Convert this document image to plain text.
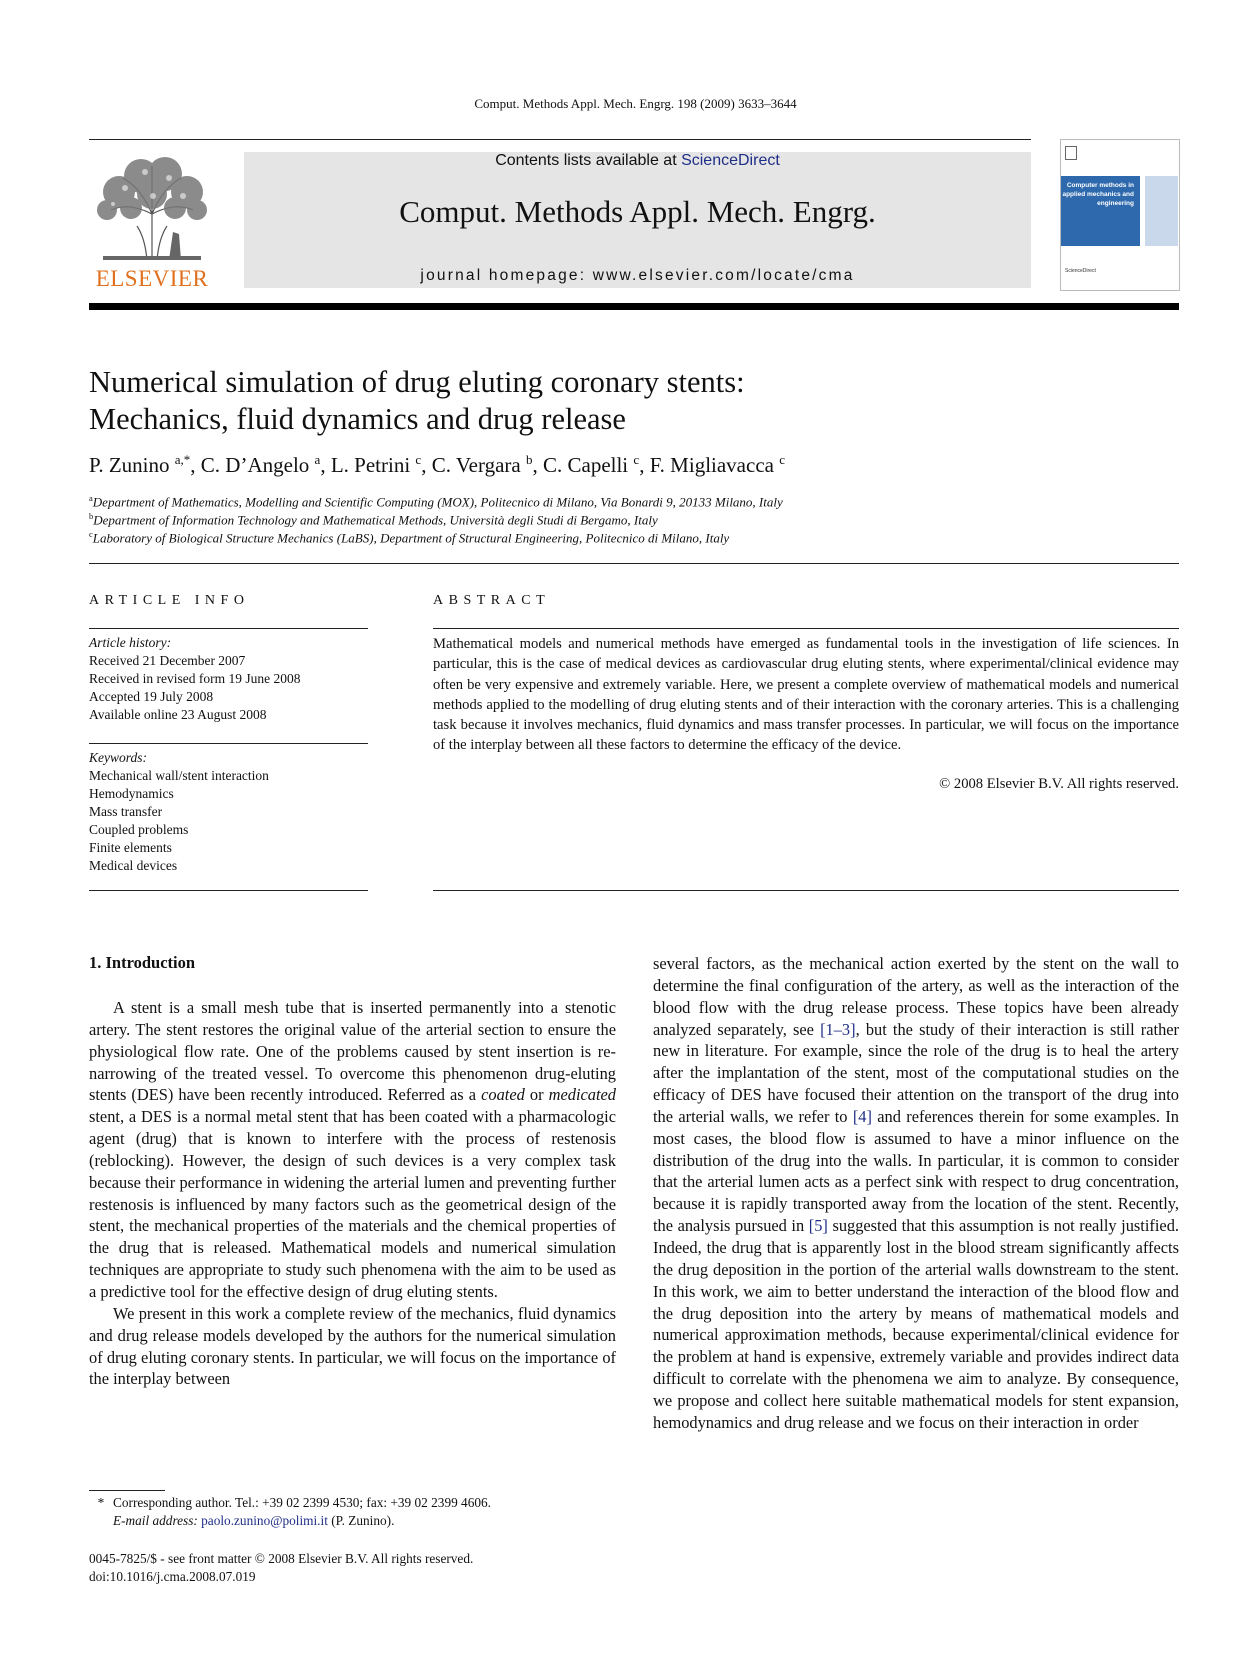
Comput. Methods Appl. Mech. Engrg. 198 (2009) 3633–3644
ELSEVIER
Contents lists available at ScienceDirect
Comput. Methods Appl. Mech. Engrg.
journal homepage: www.elsevier.com/locate/cma
Computer methods in applied mechanics and engineering
ScienceDirect
Numerical simulation of drug eluting coronary stents:
Mechanics, fluid dynamics and drug release
P. Zunino $^{a,*}$, C. D’Angelo $^a$, L. Petrini $^c$, C. Vergara $^b$, C. Capelli $^c$, F. Migliavacca $^c$
$^a$Department of Mathematics, Modelling and Scientific Computing (MOX), Politecnico di Milano, Via Bonardi 9, 20133 Milano, Italy
$^b$Department of Information Technology and Mathematical Methods, Università degli Studi di Bergamo, Italy
$^c$Laboratory of Biological Structure Mechanics (LaBS), Department of Structural Engineering, Politecnico di Milano, Italy
ARTICLE INFO
Article history:
Received 21 December 2007
Received in revised form 19 June 2008
Accepted 19 July 2008
Available online 23 August 2008
Keywords:
Mechanical wall/stent interaction
Hemodynamics
Mass transfer
Coupled problems
Finite elements
Medical devices
ABSTRACT
Mathematical models and numerical methods have emerged as fundamental tools in the investigation of life sciences. In particular, this is the case of medical devices as cardiovascular drug eluting stents, where experimental/clinical evidence may often be very expensive and extremely variable. Here, we present a complete overview of mathematical models and numerical methods applied to the modelling of drug eluting stents and of their interaction with the coronary arteries. This is a challenging task because it involves mechanics, fluid dynamics and mass transfer processes. In particular, we will focus on the importance of the interplay between all these factors to determine the efficacy of the device.
© 2008 Elsevier B.V. All rights reserved.
1. Introduction

A stent is a small mesh tube that is inserted permanently into a stenotic artery. The stent restores the original value of the arterial section to ensure the physiological flow rate. One of the problems caused by stent insertion is re-narrowing of the treated vessel. To overcome this phenomenon drug-eluting stents (DES) have been recently introduced. Referred as a coated or medicated stent, a DES is a normal metal stent that has been coated with a pharmacologic agent (drug) that is known to interfere with the process of restenosis (reblocking). However, the design of such devices is a very complex task because their performance in widening the arterial lumen and preventing further restenosis is influenced by many factors such as the geometrical design of the stent, the mechanical properties of the materials and the chemical properties of the drug that is released. Mathematical models and numerical simulation techniques are appropriate to study such phenomena with the aim to be used as a predictive tool for the effective design of drug eluting stents.

We present in this work a complete review of the mechanics, fluid dynamics and drug release models developed by the authors for the numerical simulation of drug eluting coronary stents. In particular, we will focus on the importance of the interplay between

several factors, as the mechanical action exerted by the stent on the wall to determine the final configuration of the artery, as well as the interaction of the blood flow with the drug release process. These topics have been already analyzed separately, see [1–3], but the study of their interaction is still rather new in literature. For example, since the role of the drug is to heal the artery after the implantation of the stent, most of the computational studies on the efficacy of DES have focused their attention on the transport of the drug into the arterial walls, we refer to [4] and references therein for some examples. In most cases, the blood flow is assumed to have a minor influence on the distribution of the drug into the walls. In particular, it is common to consider that the arterial lumen acts as a perfect sink with respect to drug concentration, because it is rapidly transported away from the location of the stent. Recently, the analysis pursued in [5] suggested that this assumption is not really justified. Indeed, the drug that is apparently lost in the blood stream significantly affects the drug deposition in the portion of the arterial walls downstream to the stent. In this work, we aim to better understand the interaction of the blood flow and the drug deposition into the artery by means of mathematical models and numerical approximation methods, because experimental/clinical evidence for the problem at hand is expensive, extremely variable and provides indirect data difficult to correlate with the phenomena we aim to analyze. By consequence, we propose and collect here suitable mathematical models for stent expansion, hemodynamics and drug release and we focus on their interaction in order

* Corresponding author. Tel.: +39 02 2399 4530; fax: +39 02 2399 4606.
E-mail address: paolo.zunino@polimi.it (P. Zunino).
0045-7825/$ - see front matter © 2008 Elsevier B.V. All rights reserved.
doi:10.1016/j.cma.2008.07.019
